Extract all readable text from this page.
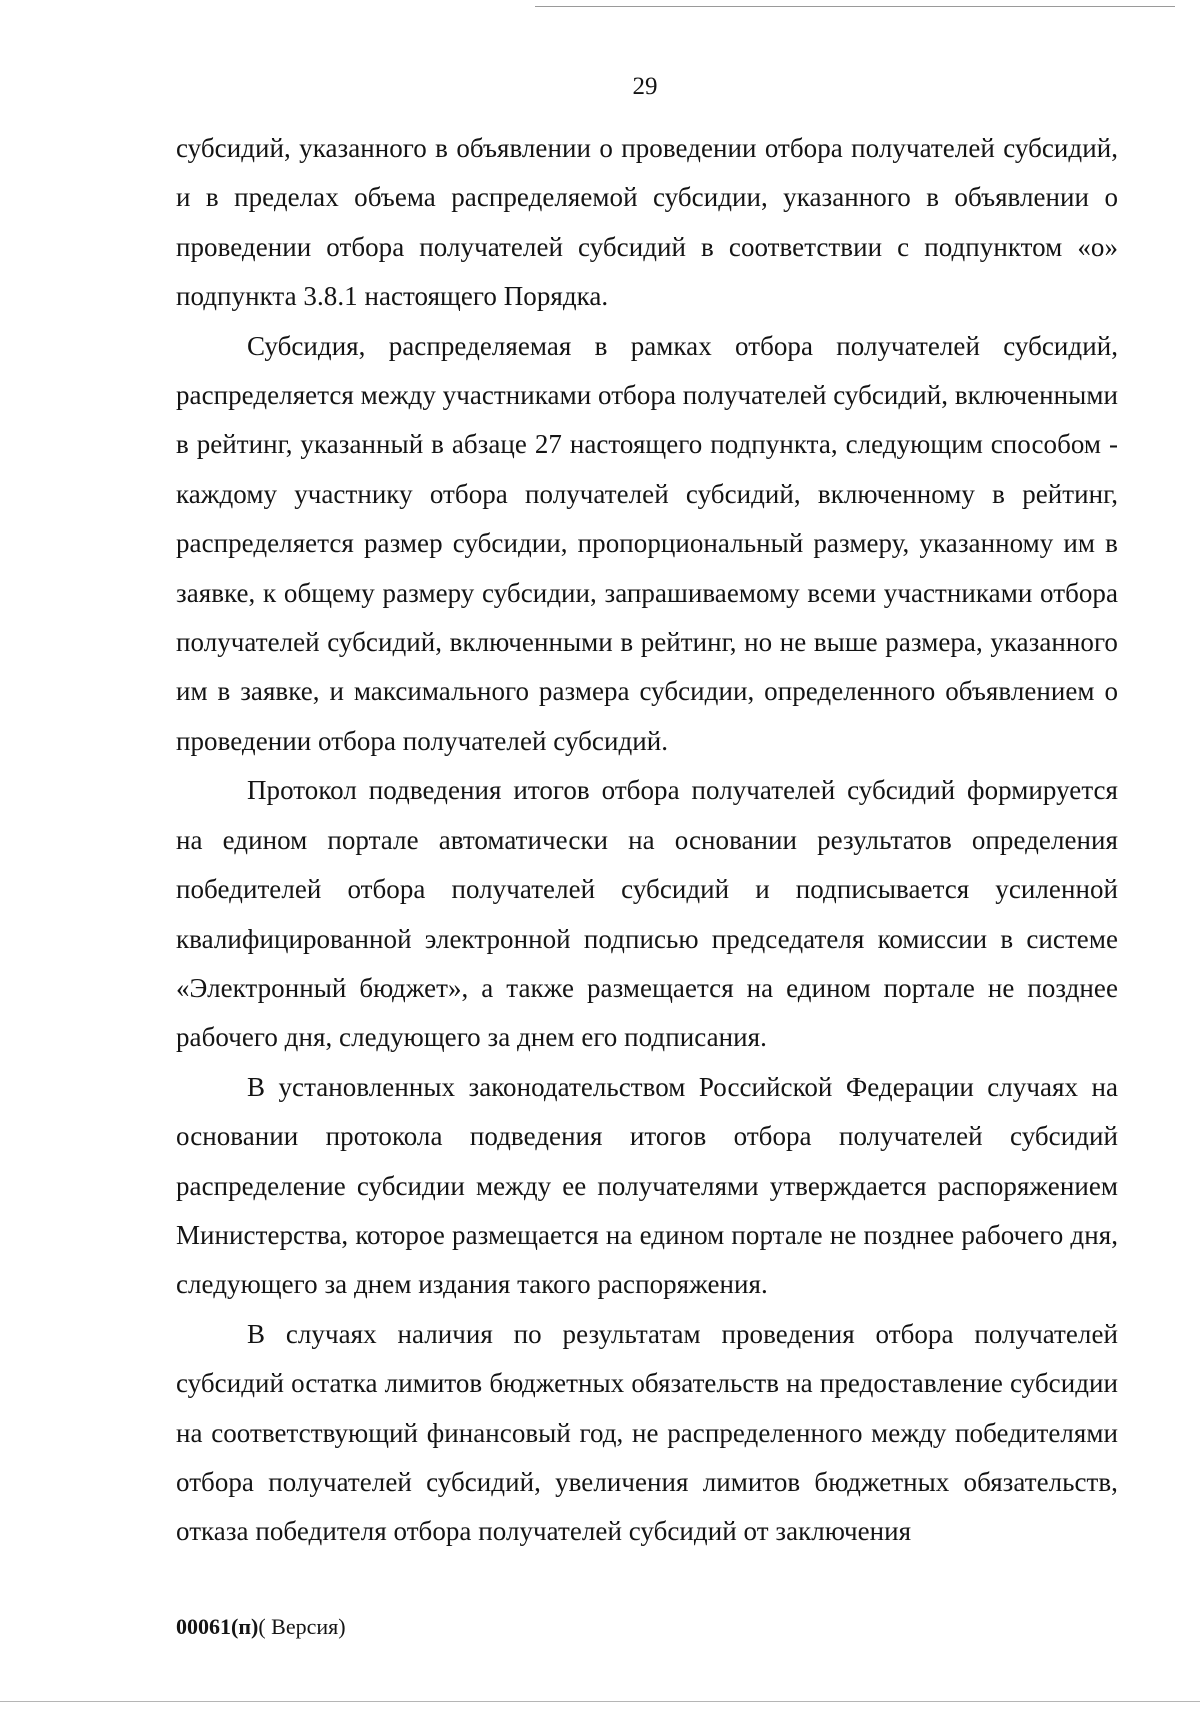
29

субсидий, указанного в объявлении о проведении отбора получателей субсидий, и в пределах объема распределяемой субсидии, указанного в объявлении о проведении отбора получателей субсидий в соответствии с подпунктом «о» подпункта 3.8.1 настоящего Порядка.

Субсидия, распределяемая в рамках отбора получателей субсидий, распределяется между участниками отбора получателей субсидий, включенными в рейтинг, указанный в абзаце 27 настоящего подпункта, следующим способом - каждому участнику отбора получателей субсидий, включенному в рейтинг, распределяется размер субсидии, пропорциональный размеру, указанному им в заявке, к общему размеру субсидии, запрашиваемому всеми участниками отбора получателей субсидий, включенными в рейтинг, но не выше размера, указанного им в заявке, и максимального размера субсидии, определенного объявлением о проведении отбора получателей субсидий.

Протокол подведения итогов отбора получателей субсидий формируется на едином портале автоматически на основании результатов определения победителей отбора получателей субсидий и подписывается усиленной квалифицированной электронной подписью председателя комиссии в системе «Электронный бюджет», а также размещается на едином портале не позднее рабочего дня, следующего за днем его подписания.

В установленных законодательством Российской Федерации случаях на основании протокола подведения итогов отбора получателей субсидий распределение субсидии между ее получателями утверждается распоряжением Министерства, которое размещается на едином портале не позднее рабочего дня, следующего за днем издания такого распоряжения.

В случаях наличия по результатам проведения отбора получателей субсидий остатка лимитов бюджетных обязательств на предоставление субсидии на соответствующий финансовый год, не распределенного между победителями отбора получателей субсидий, увеличения лимитов бюджетных обязательств, отказа победителя отбора получателей субсидий от заключения

00061(п)( Версия)
